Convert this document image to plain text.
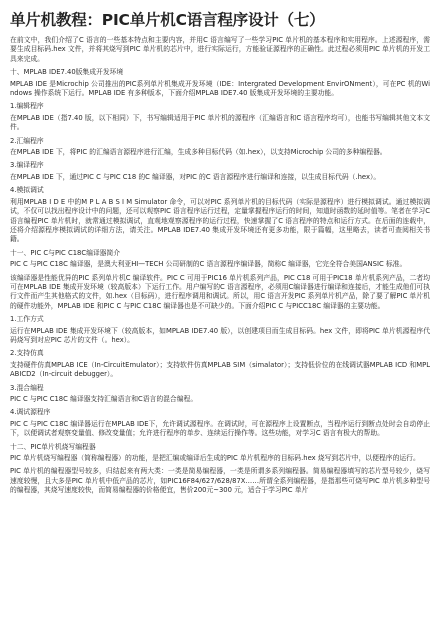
单片机教程：PIC单片机C语言程序设计（七）
在前文中，我们介绍了C 语言的一些基本特点和主要内容，并用C 语言编写了一些学习PIC 单片机的基本程序和实用程序。上述源程序，需要生成目标码.hex 文件，并将其烧写到PIC 单片机的芯片中，进行实际运行，方能验证源程序的正确性。此过程必须用PIC 单片机的开发工具来完成。
十、MPLAB IDE7.40版集成开发环境
MPLAB IDE 是Microchip 公司推出的PIC系列单片机集成开发环境（IDE：Intergrated Development EnvirONment），可在PC 机的Windows 操作系统下运行。MPLAB IDE 有多种版本，下面介绍MPLAB IDE7.40 版集成开发环境的主要功能。
1.编辑程序
在MPLAB IDE（指7.40 版，以下相同）下，书写编辑适用于PIC 单片机的源程序（汇编语言和C 语言程序均可），也能书写编辑其他文本文件。
2.汇编程序
在MPLAB IDE 下，将PIC 的汇编语言源程序进行汇编，生成多种目标代码（如.hex），以支持Microchip 公司的多种编程器。
3.编译程序
在MPLAB IDE 下，通过PIC C 与PIC C18 的C 编译器，对PIC 的C 语言源程序进行编译和连接，以生成目标代码（.hex）。
4.模拟调试
利用MPLAB I D E 中的M P L A B S I M Simulator 命令，可以对PIC 系列单片机的目标代码（实际是源程序）进行模拟调试。通过模拟调试，不仅可以找出程序设计中的问题，还可以观察PIC 语言程序运行过程，定量掌握程序运行的时间，知道时函数的延时值等。笔者在学习C 语言编程PIC 单片机时，就常通过模拟调试，直观地观察源程序的运行过程，快速掌握了C 语言程序的特点和运行方式。在后面的连载中，还将介绍源程序模拟调试的详细方法，请关注。MPLAB IDE7.40 集成开发环境还有更多功能，限于篇幅，这里略去，读者可查阅相关书籍。
十一、PIC C与PIC C18C编译器简介
PIC C 与PIC C18C 编译器，是澳大利亚HI—TECH 公司研制的C 语言源程序编译器，简称C 编译器，它完全符合美国ANSIC 标准。
该编译器是性能优异的PIC 系列单片机C 编译软件。PIC C 可用于PIC16 单片机系列产品，PIC C18 可用于PIC18 单片机系列产品，二者均可在MPLAB IDE 集成开发环境（较高版本）下运行工作。用户编写的C 语言源程序，必须用C编译器进行编译和连接后，才能生成他们可执行文件而产生其他格式的文件，如.hex（目标码），进行程序调用和调试。所以，用C 语言开发PIC 系列单片机产品，除了要了解PIC 单片机的硬件功能外，MPLAB IDE 和PIC C 与PIC C18C 编译器也是不可缺少的。下面介绍PIC C 与PICC18C 编译器的主要功能。
1.工作方式
运行在MPLAB IDE 集成开发环境下（较高版本，如MPLAB IDE7.40 版），以创建项目而生成目标码。hex 文件，即将PIC 单片机源程序代码烧写到对应PIC 芯片的文件（。hex）。
2.支持仿真
支持硬件仿真MPLAB ICE（In-CircuitEmulator）；支持软件仿真MPLAB SIM（simalator）；支持低价位的在线调试器MPLAB ICD 和MPLABICD2（In-circuit debugger）。
3.混合编程
PIC C 与PIC C18C 编译器支持汇编语言和C语言的混合编程。
4.调试源程序
PIC C 与PIC C18C 编译器运行在MPLAB IDE下，允许调试源程序。在调试时，可在源程序上设置断点，当程序运行到断点处时会自动停止下，以便调试者观察变量值、修改变量值；允许进行程序的单步、连续运行操作等。这些功能，对学习C 语言有极大的帮助。
十二、PIC单片机烧写编程器
PIC 单片机烧写编程器（简称编程器）的功能，是把汇编或编译后生成的PIC 单片机程序的目标码.hex 烧写到芯片中，以便程序的运行。
PIC 单片机的编程器型号较多，归结起来有两大类：一类是简易编程器，一类是所谓多系列编程器。简易编程器填写的芯片型号较少，烧写速度较慢，且大多是PIC 单片机中低产品的芯片，如PIC16F84/627/628/87X……所谓全系列编程器，是指那些可烧写PIC 单片机多种型号的编程器，其烧写速度较快，而简易编程器的价格便宜，售价200元~300 元，适合于学习PIC 单片
